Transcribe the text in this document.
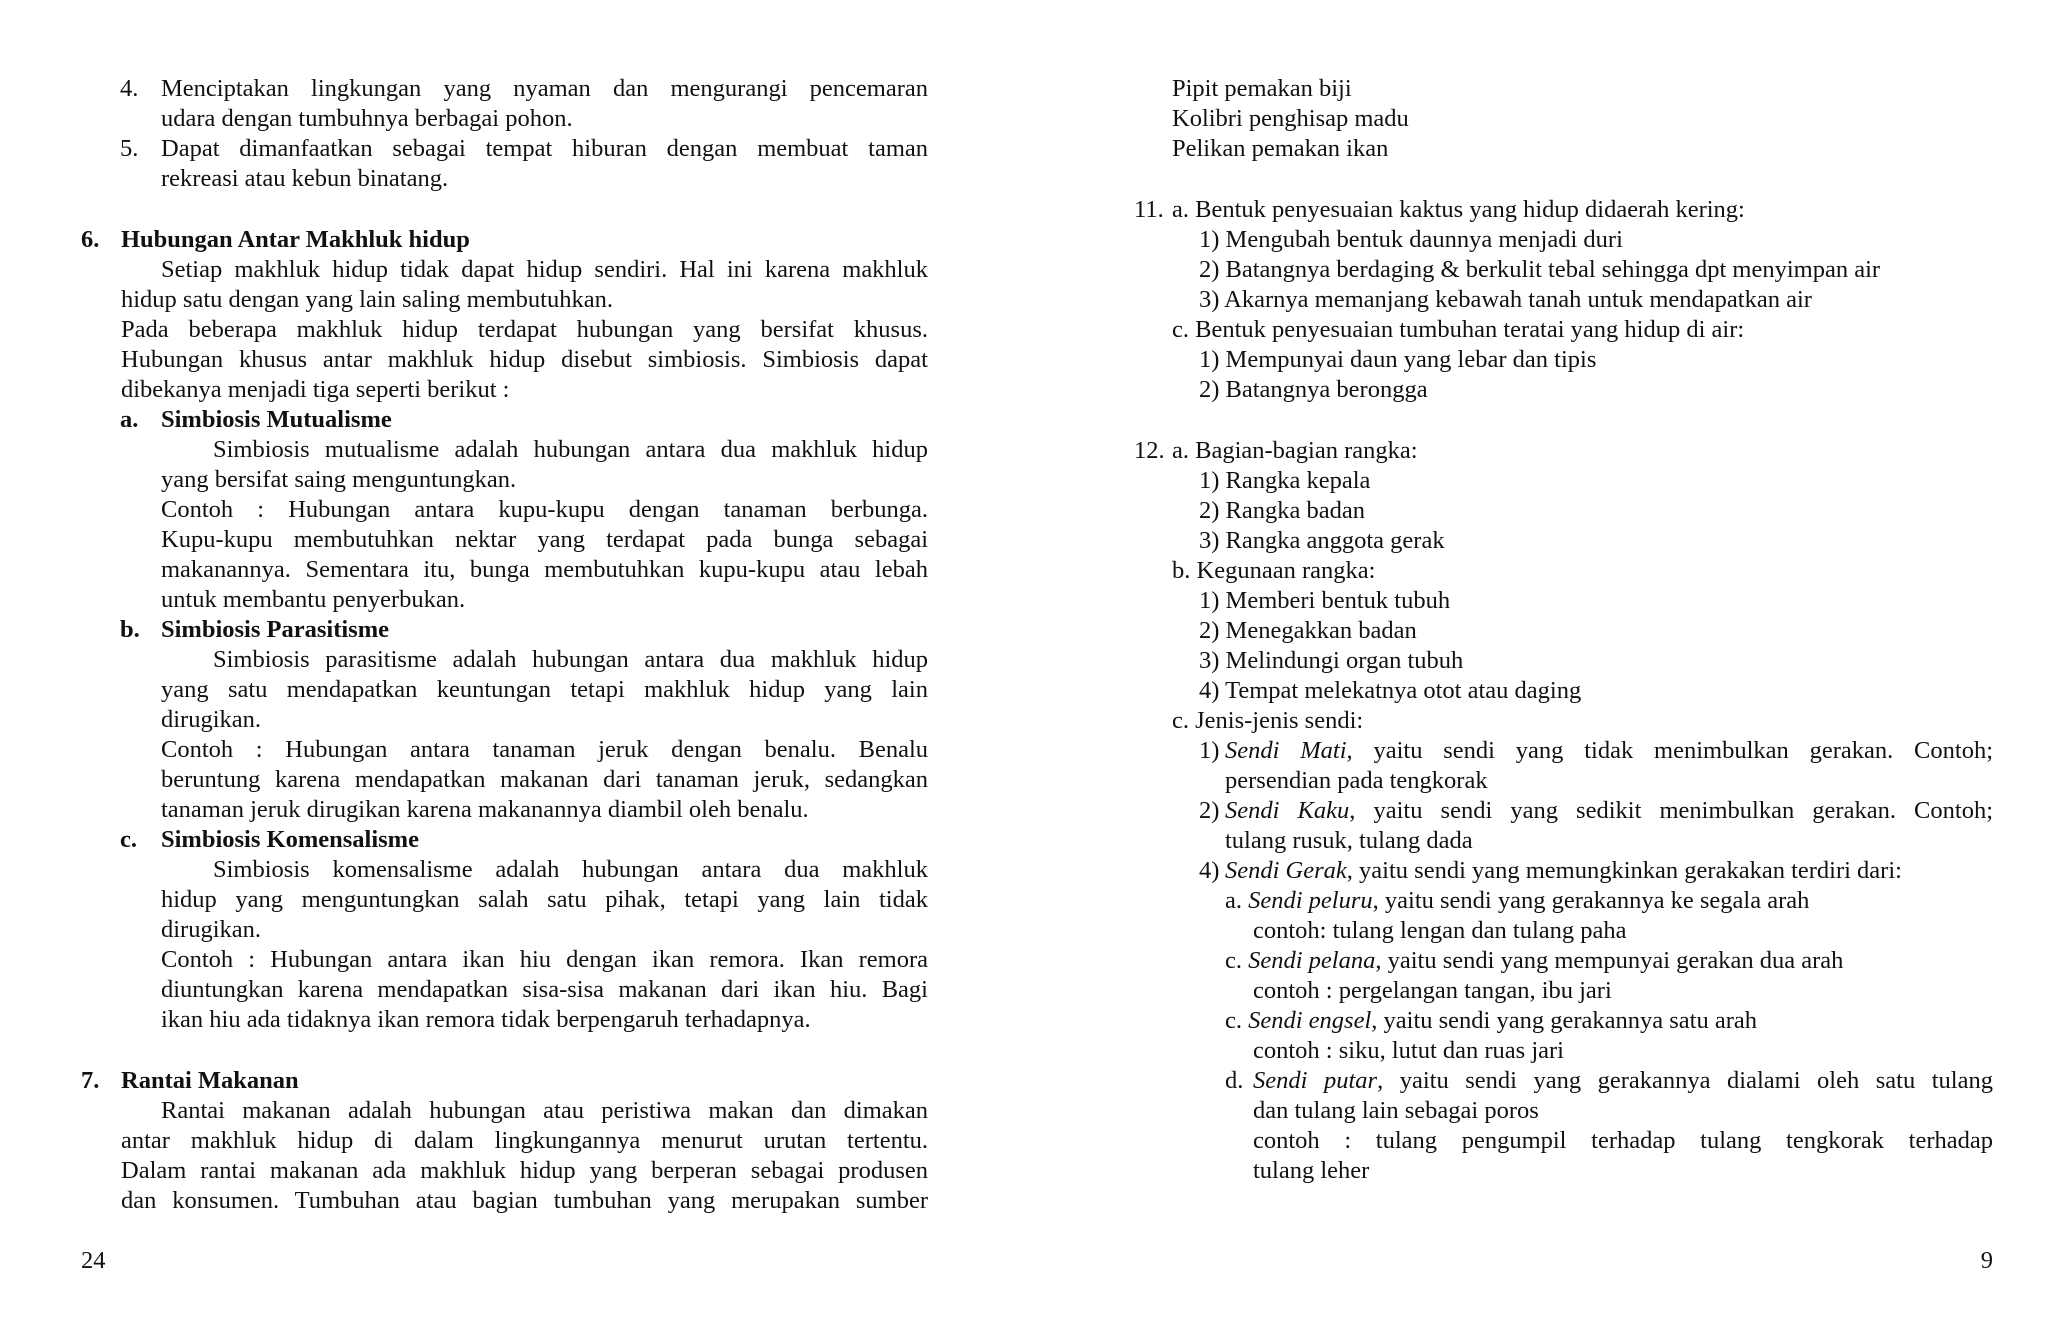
4. Menciptakan lingkungan yang nyaman dan mengurangi pencemaran
udara dengan tumbuhnya berbagai pohon.
5. Dapat dimanfaatkan sebagai tempat hiburan dengan membuat taman
rekreasi atau kebun binatang.
6. Hubungan Antar Makhluk hidup
Setiap makhluk hidup tidak dapat hidup sendiri. Hal ini karena makhluk
hidup satu dengan yang lain saling membutuhkan.
Pada beberapa makhluk hidup terdapat hubungan yang bersifat khusus.
Hubungan khusus antar makhluk hidup disebut simbiosis. Simbiosis dapat
dibekanya menjadi tiga seperti berikut :
a. Simbiosis Mutualisme
Simbiosis mutualisme adalah hubungan antara dua makhluk hidup
yang bersifat saing menguntungkan.
Contoh : Hubungan antara kupu-kupu dengan tanaman berbunga.
Kupu-kupu membutuhkan nektar yang terdapat pada bunga sebagai
makanannya. Sementara itu, bunga membutuhkan kupu-kupu atau lebah
untuk membantu penyerbukan.
b. Simbiosis Parasitisme
Simbiosis parasitisme adalah hubungan antara dua makhluk hidup
yang satu mendapatkan keuntungan tetapi makhluk hidup yang lain
dirugikan.
Contoh : Hubungan antara tanaman jeruk dengan benalu. Benalu
beruntung karena mendapatkan makanan dari tanaman jeruk, sedangkan
tanaman jeruk dirugikan karena makanannya diambil oleh benalu.
c. Simbiosis Komensalisme
Simbiosis komensalisme adalah hubungan antara dua makhluk
hidup yang menguntungkan salah satu pihak, tetapi yang lain tidak
dirugikan.
Contoh : Hubungan antara ikan hiu dengan ikan remora. Ikan remora
diuntungkan karena mendapatkan sisa-sisa makanan dari ikan hiu. Bagi
ikan hiu ada tidaknya ikan remora tidak berpengaruh terhadapnya.
7. Rantai Makanan
Rantai makanan adalah hubungan atau peristiwa makan dan dimakan
antar makhluk hidup di dalam lingkungannya menurut urutan tertentu.
Dalam rantai makanan ada makhluk hidup yang berperan sebagai produsen
dan konsumen. Tumbuhan atau bagian tumbuhan yang merupakan sumber
24
Pipit pemakan biji
Kolibri penghisap madu
Pelikan pemakan ikan
11. a. Bentuk penyesuaian kaktus yang hidup didaerah kering:
1) Mengubah bentuk daunnya menjadi duri
2) Batangnya berdaging & berkulit tebal sehingga dpt menyimpan air
3) Akarnya memanjang kebawah tanah untuk mendapatkan air
c. Bentuk penyesuaian tumbuhan teratai yang hidup di air:
1) Mempunyai daun yang lebar dan tipis
2) Batangnya berongga
12. a. Bagian-bagian rangka:
1) Rangka kepala
2) Rangka badan
3) Rangka anggota gerak
b. Kegunaan rangka:
1) Memberi bentuk tubuh
2) Menegakkan badan
3) Melindungi organ tubuh
4) Tempat melekatnya otot atau daging
c. Jenis-jenis sendi:
1) Sendi Mati, yaitu sendi yang tidak menimbulkan gerakan. Contoh;
persendian pada tengkorak
2) Sendi Kaku, yaitu sendi yang sedikit menimbulkan gerakan. Contoh;
tulang rusuk, tulang dada
4) Sendi Gerak, yaitu sendi yang memungkinkan gerakakan terdiri dari:
a. Sendi peluru, yaitu sendi yang gerakannya ke segala arah
contoh: tulang lengan dan tulang paha
c. Sendi pelana, yaitu sendi yang mempunyai gerakan dua arah
contoh : pergelangan tangan, ibu jari
c. Sendi engsel, yaitu sendi yang gerakannya satu arah
contoh : siku, lutut dan ruas jari
d. Sendi putar, yaitu sendi yang gerakannya dialami oleh satu tulang
dan tulang lain sebagai poros
contoh : tulang pengumpil terhadap tulang tengkorak terhadap
tulang leher
9
